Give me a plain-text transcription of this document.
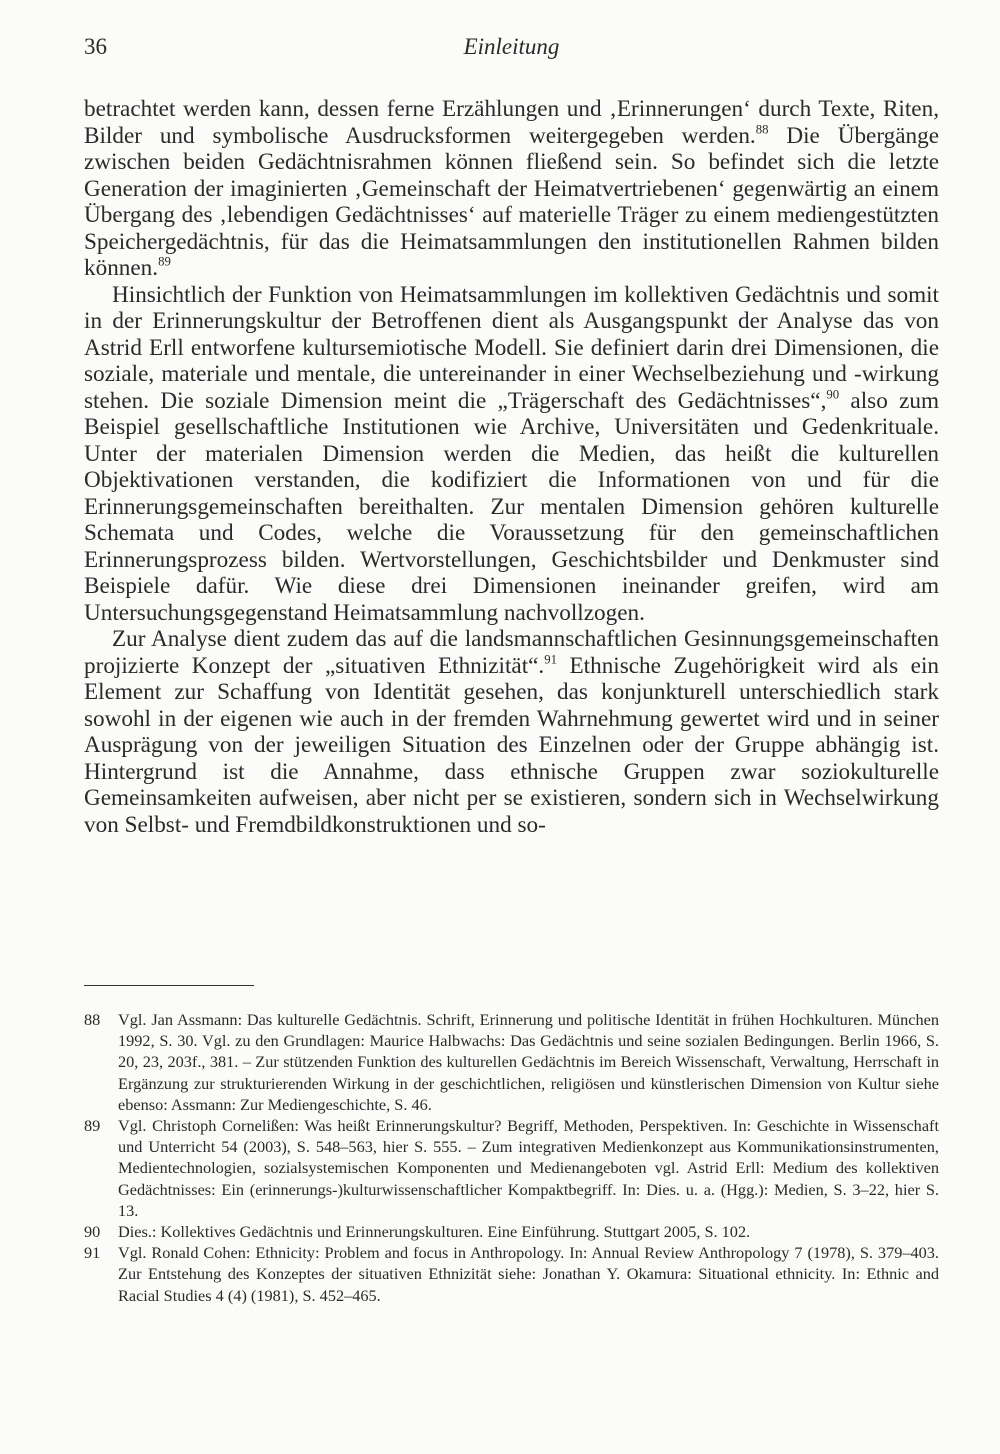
36	Einleitung

betrachtet werden kann, dessen ferne Erzählungen und ‚Erinnerungen‘ durch Texte, Riten, Bilder und symbolische Ausdrucksformen weitergegeben werden.$^{88}$ Die Übergänge zwischen beiden Gedächtnisrahmen können fließend sein. So befindet sich die letzte Generation der imaginierten ‚Gemeinschaft der Heimatvertriebenen‘ gegenwärtig an einem Übergang des ‚lebendigen Gedächtnisses‘ auf materielle Träger zu einem mediengestützten Speichergedächtnis, für das die Heimatsammlungen den institutionellen Rahmen bilden können.$^{89}$

Hinsichtlich der Funktion von Heimatsammlungen im kollektiven Gedächtnis und somit in der Erinnerungskultur der Betroffenen dient als Ausgangspunkt der Analyse das von Astrid Erll entworfene kultursemiotische Modell. Sie definiert darin drei Dimensionen, die soziale, materiale und mentale, die untereinander in einer Wechselbeziehung und -wirkung stehen. Die soziale Dimension meint die „Trägerschaft des Gedächtnisses“,$^{90}$ also zum Beispiel gesellschaftliche Institutionen wie Archive, Universitäten und Gedenkrituale. Unter der materialen Dimension werden die Medien, das heißt die kulturellen Objektivationen verstanden, die kodifiziert die Informationen von und für die Erinnerungsgemeinschaften bereithalten. Zur mentalen Dimension gehören kulturelle Schemata und Codes, welche die Voraussetzung für den gemeinschaftlichen Erinnerungsprozess bilden. Wertvorstellungen, Geschichtsbilder und Denkmuster sind Beispiele dafür. Wie diese drei Dimensionen ineinander greifen, wird am Untersuchungsgegenstand Heimatsammlung nachvollzogen.

Zur Analyse dient zudem das auf die landsmannschaftlichen Gesinnungsgemeinschaften projizierte Konzept der „situativen Ethnizität“.$^{91}$ Ethnische Zugehörigkeit wird als ein Element zur Schaffung von Identität gesehen, das konjunkturell unterschiedlich stark sowohl in der eigenen wie auch in der fremden Wahrnehmung gewertet wird und in seiner Ausprägung von der jeweiligen Situation des Einzelnen oder der Gruppe abhängig ist. Hintergrund ist die Annahme, dass ethnische Gruppen zwar soziokulturelle Gemeinsamkeiten aufweisen, aber nicht per se existieren, sondern sich in Wechselwirkung von Selbst- und Fremdbildkonstruktionen und so-

88	Vgl. Jan Assmann: Das kulturelle Gedächtnis. Schrift, Erinnerung und politische Identität in frühen Hochkulturen. München 1992, S. 30. Vgl. zu den Grundlagen: Maurice Halbwachs: Das Gedächtnis und seine sozialen Bedingungen. Berlin 1966, S. 20, 23, 203f., 381. – Zur stützenden Funktion des kulturellen Gedächtnis im Bereich Wissenschaft, Verwaltung, Herrschaft in Ergänzung zur strukturierenden Wirkung in der geschichtlichen, religiösen und künstlerischen Dimension von Kultur siehe ebenso: Assmann: Zur Mediengeschichte, S. 46.
89	Vgl. Christoph Cornelißen: Was heißt Erinnerungskultur? Begriff, Methoden, Perspektiven. In: Geschichte in Wissenschaft und Unterricht 54 (2003), S. 548–563, hier S. 555. – Zum integrativen Medienkonzept aus Kommunikationsinstrumenten, Medientechnologien, sozialsystemischen Komponenten und Medienangeboten vgl. Astrid Erll: Medium des kollektiven Gedächtnisses: Ein (erinnerungs-)kulturwissenschaftlicher Kompaktbegriff. In: Dies. u. a. (Hgg.): Medien, S. 3–22, hier S. 13.
90	Dies.: Kollektives Gedächtnis und Erinnerungskulturen. Eine Einführung. Stuttgart 2005, S. 102.
91	Vgl. Ronald Cohen: Ethnicity: Problem and focus in Anthropology. In: Annual Review Anthropology 7 (1978), S. 379–403. Zur Entstehung des Konzeptes der situativen Ethnizität siehe: Jonathan Y. Okamura: Situational ethnicity. In: Ethnic and Racial Studies 4 (4) (1981), S. 452–465.
